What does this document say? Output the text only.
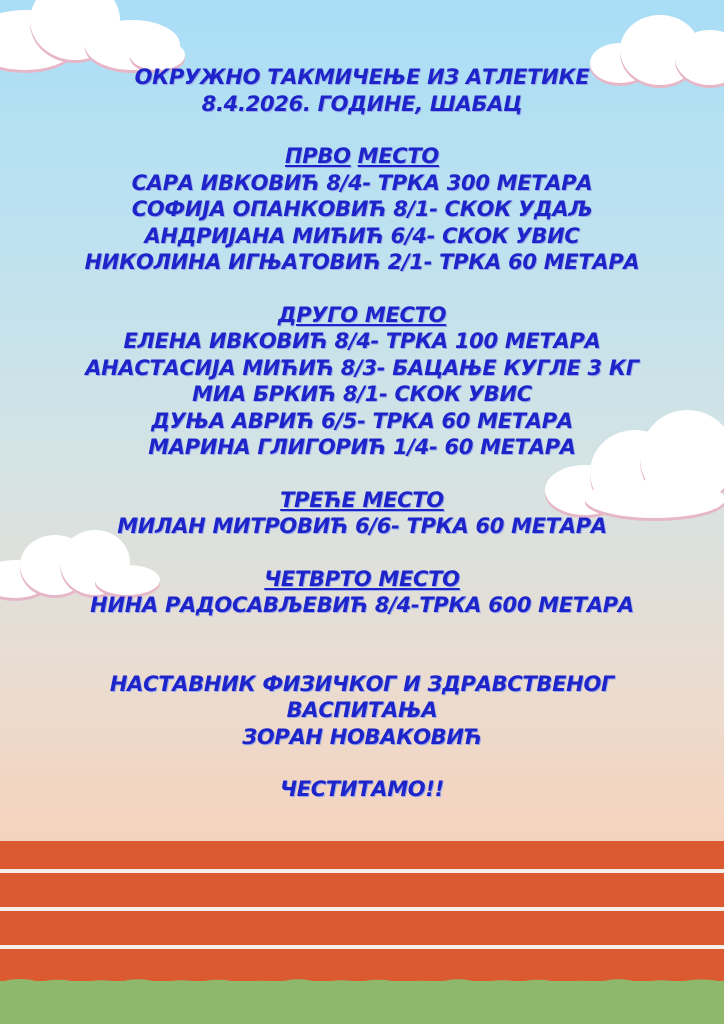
ОКРУЖНО ТАКМИЧЕЊЕ ИЗ АТЛЕТИКЕ
8.4.2026. ГОДИНЕ, ШАБАЦ
ПРВО МЕСТО
САРА ИВКОВИЋ 8/4- ТРКА 300 МЕТАРА
СОФИЈА ОПАНКОВИЋ 8/1- СКОК УДАЉ
АНДРИЈАНА МИЋИЋ 6/4- СКОК УВИС
НИКОЛИНА ИГЊАТОВИЋ 2/1- ТРКА 60 МЕТАРА
ДРУГО МЕСТО
ЕЛЕНА ИВКОВИЋ 8/4- ТРКА 100 МЕТАРА
АНАСТАСИЈА МИЋИЋ 8/3- БАЦАЊЕ КУГЛЕ 3 КГ
МИА БРКИЋ 8/1- СКОК УВИС
ДУЊА АВРИЋ 6/5- ТРКА 60 МЕТАРА
МАРИНА ГЛИГОРИЋ 1/4- 60 МЕТАРА
ТРЕЋЕ МЕСТО
МИЛАН МИТРОВИЋ 6/6- ТРКА 60 МЕТАРА
ЧЕТВРТО МЕСТО
НИНА РАДОСАВЉЕВИЋ 8/4-ТРКА 600 МЕТАРА
НАСТАВНИК ФИЗИЧКОГ И ЗДРАВСТВЕНОГ
ВАСПИТАЊА
ЗОРАН НОВАКОВИЋ
ЧЕСТИТАМО!!
